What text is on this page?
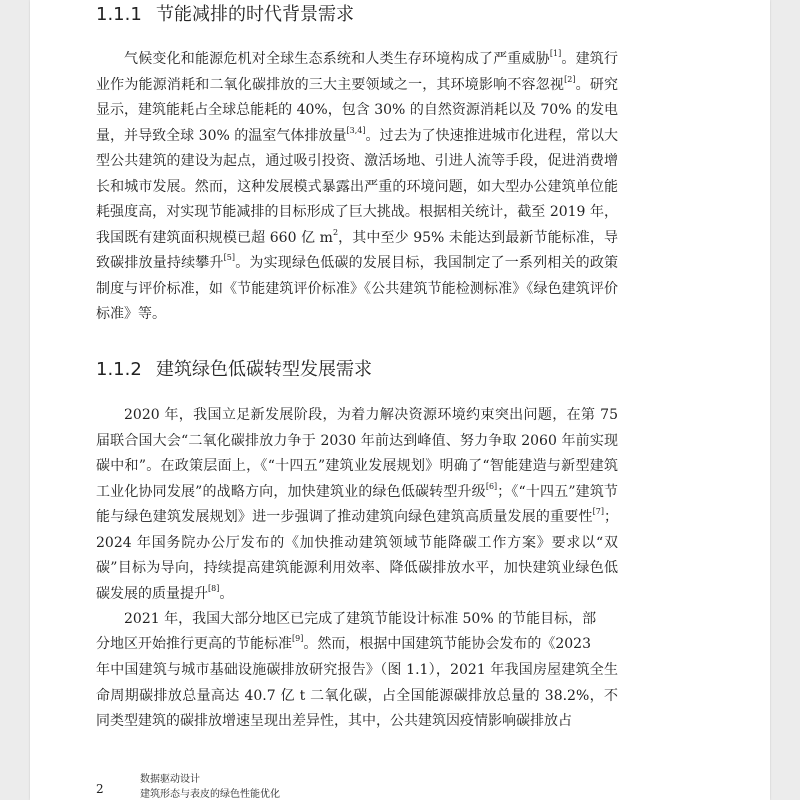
1.1.1 节能减排的时代背景需求
气候变化和能源危机对全球生态系统和人类生存环境构成了严重威胁[1]。建筑行业作为能源消耗和二氧化碳排放的三大主要领域之一，其环境影响不容忽视[2]。研究显示，建筑能耗占全球总能耗的 40%，包含 30% 的自然资源消耗以及 70% 的发电量，并导致全球 30% 的温室气体排放量[3,4]。过去为了快速推进城市化进程，常以大型公共建筑的建设为起点，通过吸引投资、激活场地、引进人流等手段，促进消费增长和城市发展。然而，这种发展模式暴露出严重的环境问题，如大型办公建筑单位能耗强度高，对实现节能减排的目标形成了巨大挑战。根据相关统计，截至 2019 年，我国既有建筑面积规模已超 660 亿 $m^2$，其中至少 95% 未能达到最新节能标准，导致碳排放量持续攀升[5]。为实现绿色低碳的发展目标，我国制定了一系列相关的政策制度与评价标准，如《节能建筑评价标准》《公共建筑节能检测标准》《绿色建筑评价标准》等。
1.1.2 建筑绿色低碳转型发展需求
2020 年，我国立足新发展阶段，为着力解决资源环境约束突出问题，在第 75 届联合国大会“二氧化碳排放力争于 2030 年前达到峰值、努力争取 2060 年前实现碳中和”。在政策层面上，《“十四五”建筑业发展规划》明确了“智能建造与新型建筑工业化协同发展”的战略方向，加快建筑业的绿色低碳转型升级[6]；《“十四五”建筑节能与绿色建筑发展规划》进一步强调了推动建筑向绿色建筑高质量发展的重要性[7]；2024 年国务院办公厅发布的《加快推动建筑领域节能降碳工作方案》要求以“双碳”目标为导向，持续提高建筑能源利用效率、降低碳排放水平，加快建筑业绿色低碳发展的质量提升[8]。
2021 年，我国大部分地区已完成了建筑节能设计标准 50% 的节能目标，部
分地区开始推行更高的节能标准[9]。然而，根据中国建筑节能协会发布的《2023
年中国建筑与城市基础设施碳排放研究报告》（图 1.1），2021 年我国房屋建筑全生命周期碳排放总量高达 40.7 亿 t 二氧化碳，占全国能源碳排放总量的 38.2%，不同类型建筑的碳排放增速呈现出差异性，其中，公共建筑因疫情影响碳排放占
2
数据驱动设计
建筑形态与表皮的绿色性能优化
